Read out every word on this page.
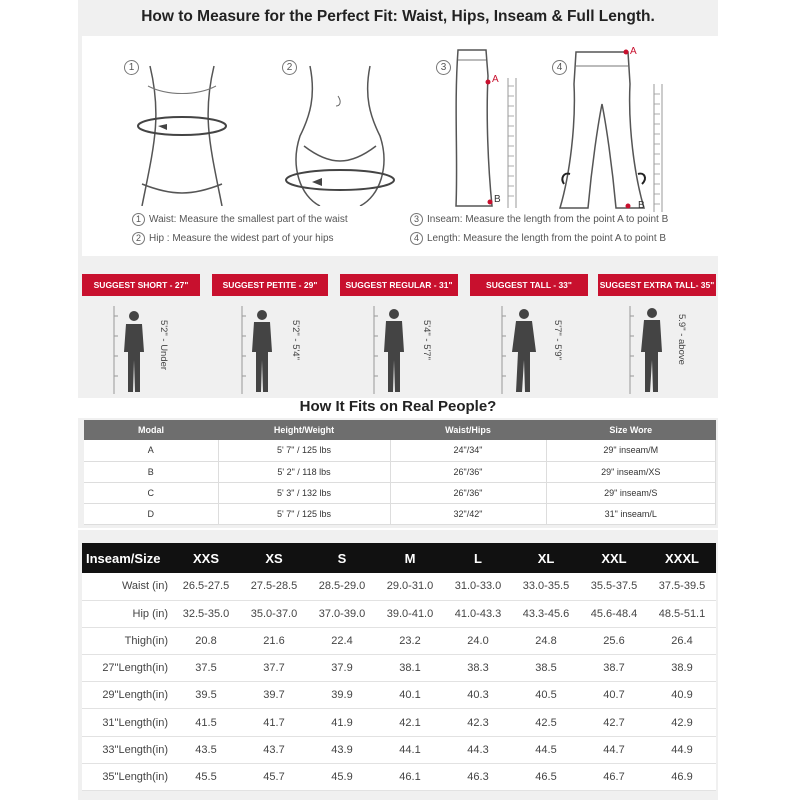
How to Measure for the Perfect Fit: Waist, Hips, Inseam & Full Length.
1	2	3
A
B
4
A
B
1 Waist: Measure the smallest part of the waist
2 Hip : Measure the widest part of your hips
3 Inseam: Measure the length from the point A to point B
4 Length: Measure the length from the point A to point B
SUGGEST SHORT - 27"	SUGGEST PETITE - 29"	SUGGEST REGULAR - 31"	SUGGEST TALL - 33"	SUGGEST EXTRA TALL- 35"
5'2" - Under	5'2" - 5'4"	5'4" - 5'7"	5'7" - 5'9"	5.9" - above
How It Fits on Real People?
Modal	Height/Weight	Waist/Hips	Size Wore
A	5' 7" / 125 lbs	24"/34"	29" inseam/M
B	5' 2" / 118 lbs	26"/36"	29" inseam/XS
C	5' 3" / 132 lbs	26"/36"	29" inseam/S
D	5' 7" / 125 lbs	32"/42"	31" inseam/L
Inseam/Size	XXS	XS	S	M	L	XL	XXL	XXXL
Waist (in)	26.5-27.5	27.5-28.5	28.5-29.0	29.0-31.0	31.0-33.0	33.0-35.5	35.5-37.5	37.5-39.5
Hip (in)	32.5-35.0	35.0-37.0	37.0-39.0	39.0-41.0	41.0-43.3	43.3-45.6	45.6-48.4	48.5-51.1
Thigh(in)	20.8	21.6	22.4	23.2	24.0	24.8	25.6	26.4
27"Length(in)	37.5	37.7	37.9	38.1	38.3	38.5	38.7	38.9
29"Length(in)	39.5	39.7	39.9	40.1	40.3	40.5	40.7	40.9
31"Length(in)	41.5	41.7	41.9	42.1	42.3	42.5	42.7	42.9
33"Length(in)	43.5	43.7	43.9	44.1	44.3	44.5	44.7	44.9
35"Length(in)	45.5	45.7	45.9	46.1	46.3	46.5	46.7	46.9
